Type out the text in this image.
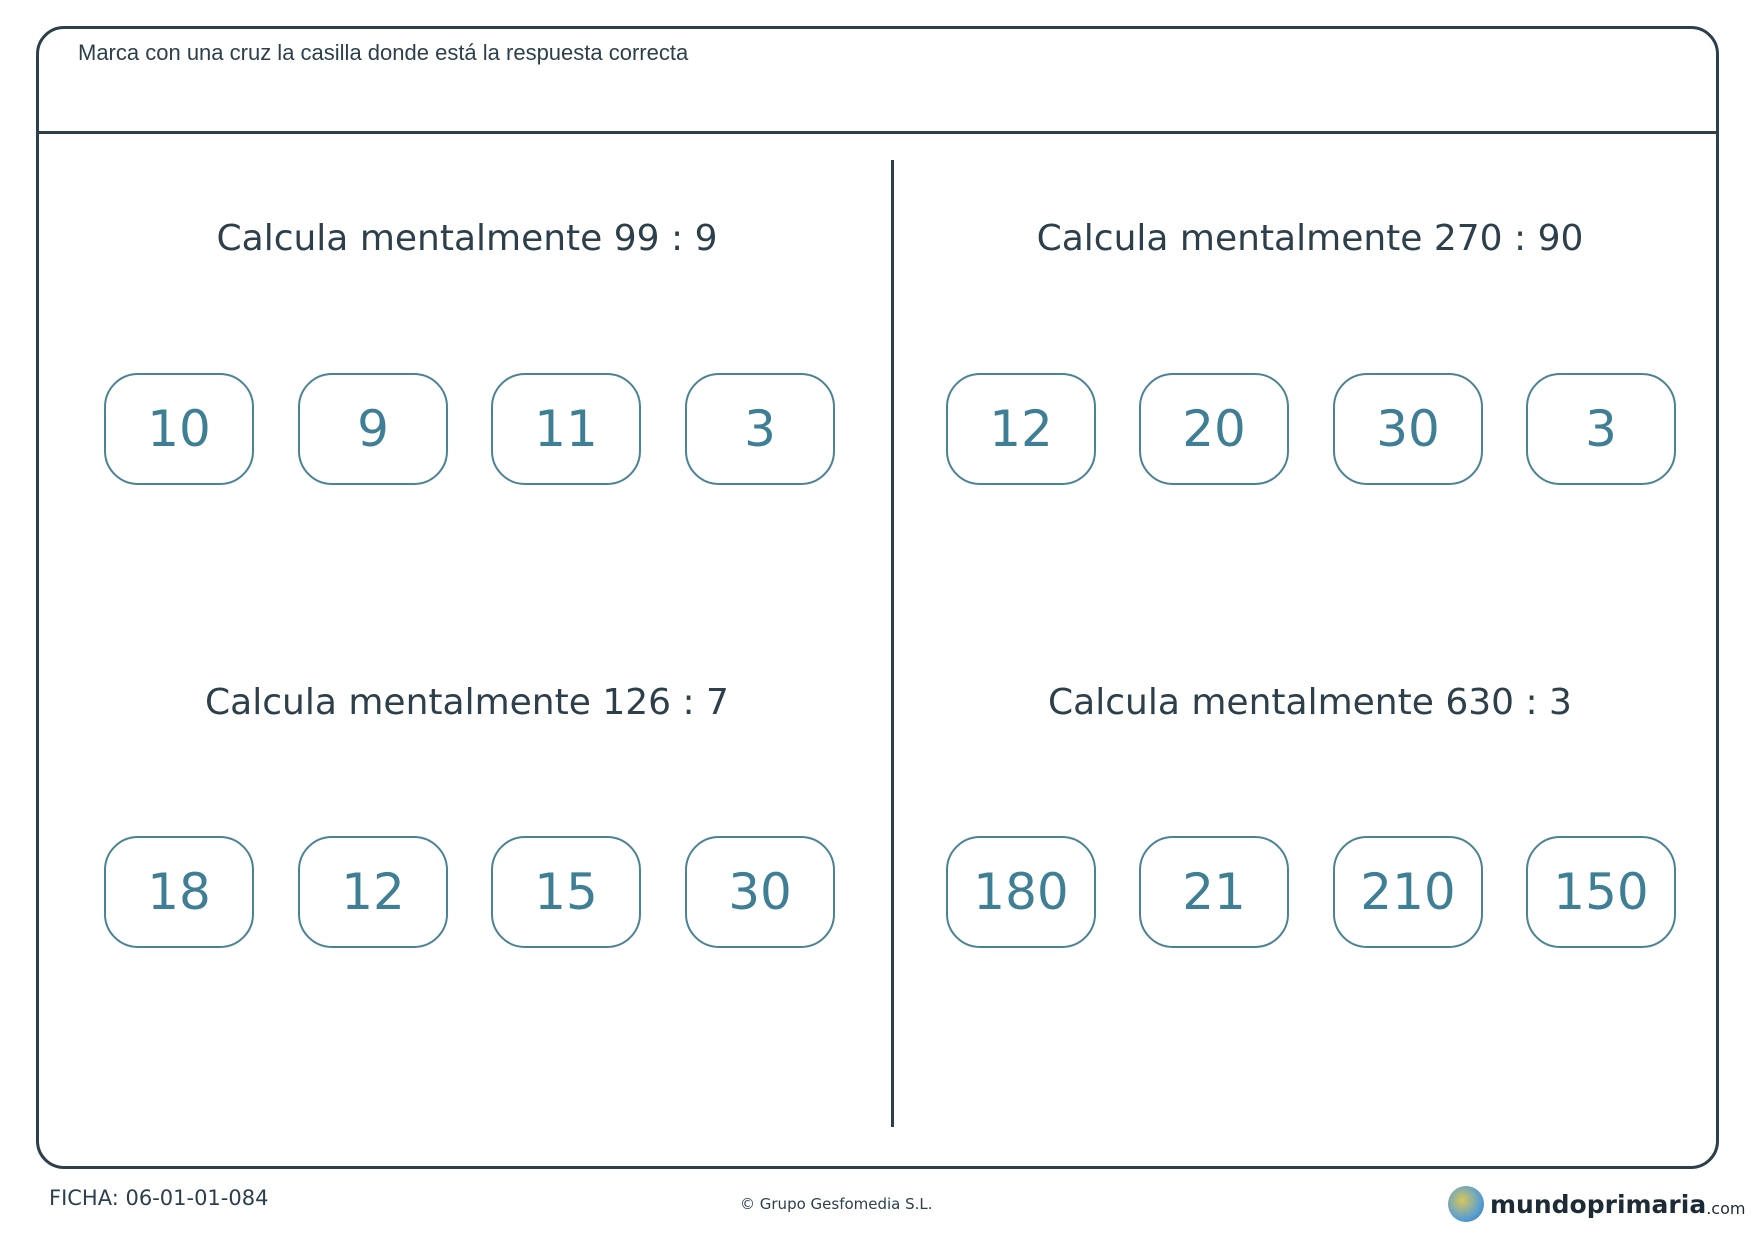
Marca con una cruz la casilla donde está la respuesta correcta
Calcula mentalmente 99 : 9
10	9	11	3
Calcula mentalmente 270 : 90
12	20	30	3
Calcula mentalmente 126 : 7
18	12	15	30
Calcula mentalmente 630 : 3
180	21	210	150
FICHA: 06-01-01-084	© Grupo Gesfomedia S.L.	mundoprimaria .com
